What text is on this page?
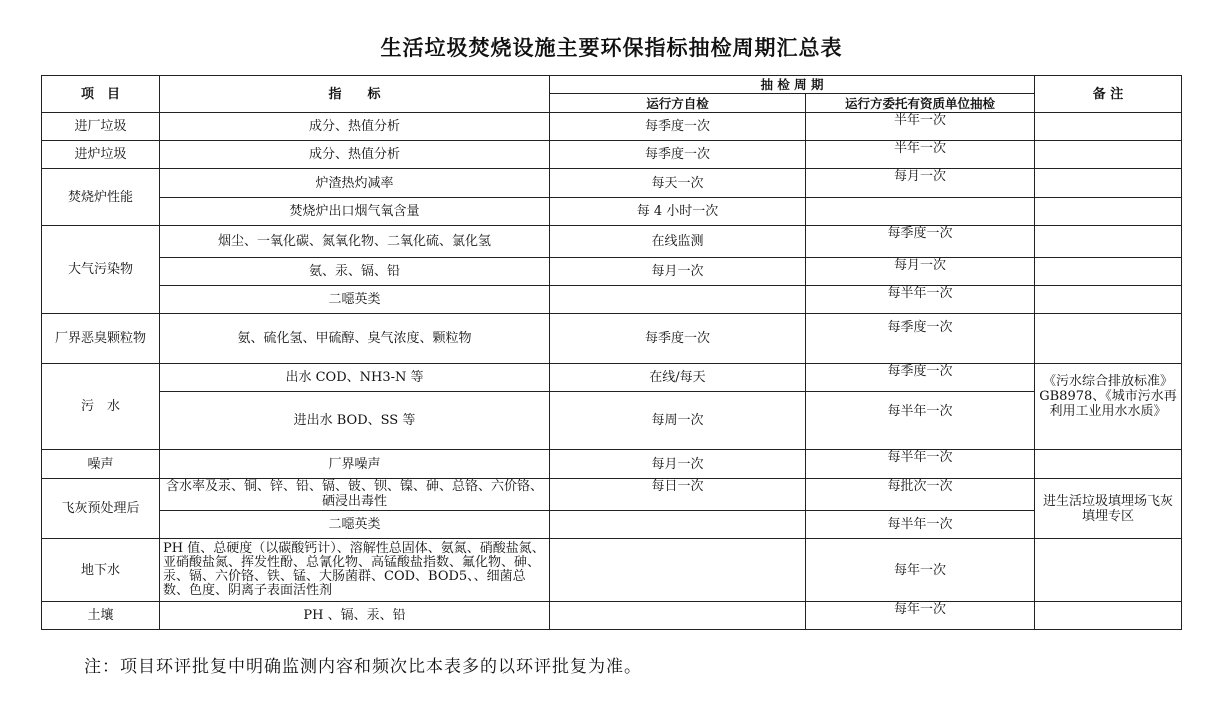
生活垃圾焚烧设施主要环保指标抽检周期汇总表
项　目	指　　标	抽 检 周 期		备 注
		运行方自检	运行方委托有资质单位抽检	
进厂垃圾	成分、热值分析	每季度一次	半年一次	
进炉垃圾	成分、热值分析	每季度一次	半年一次	
焚烧炉性能	炉渣热灼减率	每天一次	每月一次	
	焚烧炉出口烟气氧含量	每 4 小时一次		
大气污染物	烟尘、一氧化碳、氮氧化物、二氧化硫、氯化氢	在线监测	每季度一次	
	氨、汞、镉、铅	每月一次	每月一次	
	二噁英类		每半年一次	
厂界恶臭颗粒物	氨、硫化氢、甲硫醇、臭气浓度、颗粒物	每季度一次	每季度一次	
污　水	出水 COD、NH3-N 等	在线/每天	每季度一次	《污水综合排放标准》GB8978、《城市污水再利用工业用水水质》
	进出水 BOD、SS 等	每周一次	每半年一次	
噪声	厂界噪声	每月一次	每半年一次	
飞灰预处理后	含水率及汞、铜、锌、铅、镉、铍、钡、镍、砷、总铬、六价铬、硒浸出毒性	每日一次	每批次一次	进生活垃圾填埋场飞灰填埋专区
	二噁英类		每半年一次	
地下水	PH 值、总硬度（以碳酸钙计）、溶解性总固体、氨氮、硝酸盐氮、亚硝酸盐氮、挥发性酚、总氰化物、高锰酸盐指数、氟化物、砷、汞、镉、六价铬、铁、锰、大肠菌群、COD、BOD5、、细菌总数、色度、阴离子表面活性剂		每年一次	
土壤	PH 、镉、汞、铅		每年一次	
注：项目环评批复中明确监测内容和频次比本表多的以环评批复为准。
